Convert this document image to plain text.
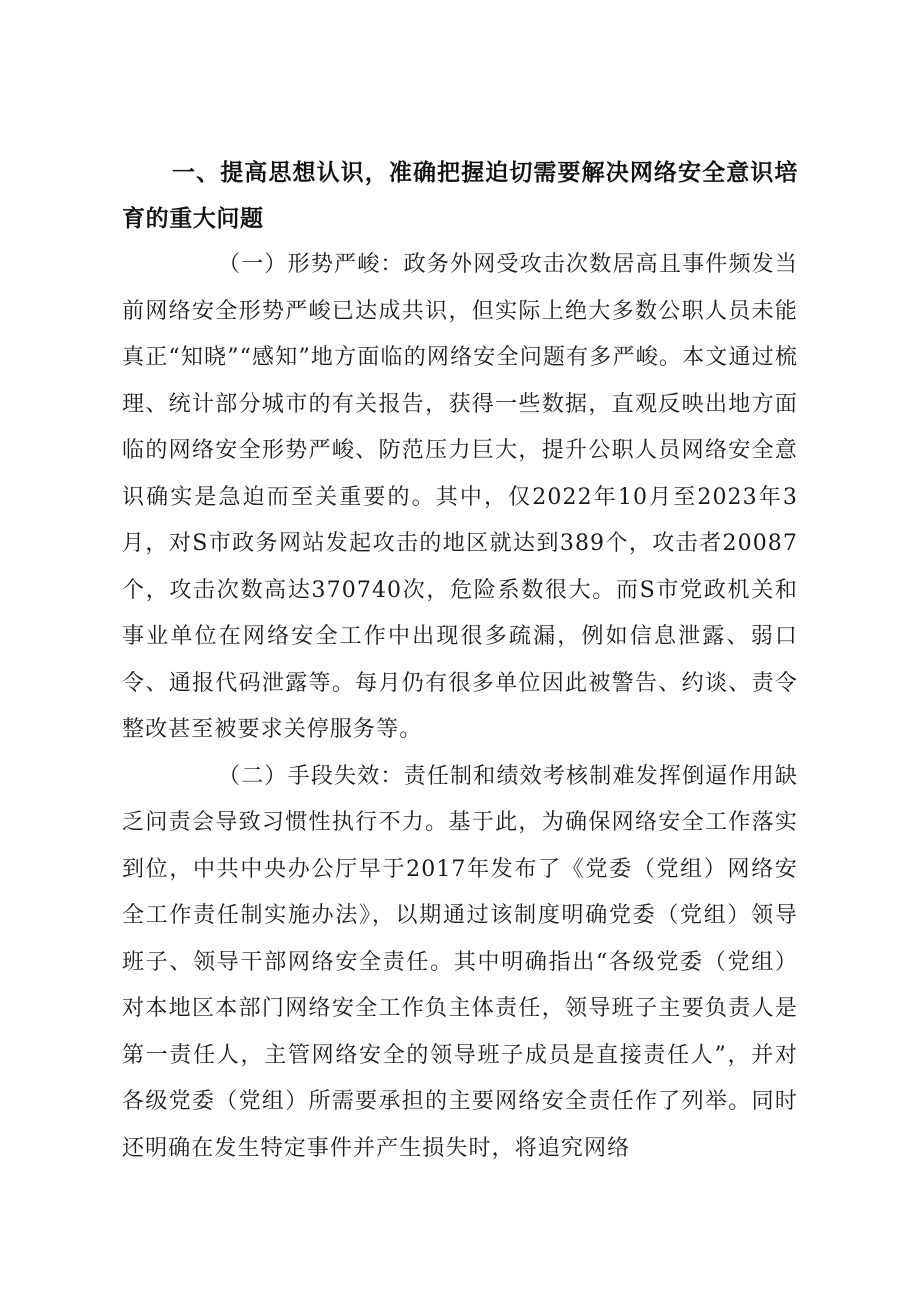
一、提高思想认识，准确把握迫切需要解决网络安全意识培育的重大问题

（一）形势严峻：政务外网受攻击次数居高且事件频发当前网络安全形势严峻已达成共识，但实际上绝大多数公职人员未能真正“知晓”“感知”地方面临的网络安全问题有多严峻。本文通过梳理、统计部分城市的有关报告，获得一些数据，直观反映出地方面临的网络安全形势严峻、防范压力巨大，提升公职人员网络安全意识确实是急迫而至关重要的。其中，仅2022年10月至2023年3月，对S市政务网站发起攻击的地区就达到389个，攻击者20087个，攻击次数高达370740次，危险系数很大。而S市党政机关和事业单位在网络安全工作中出现很多疏漏，例如信息泄露、弱口令、通报代码泄露等。每月仍有很多单位因此被警告、约谈、责令整改甚至被要求关停服务等。

（二）手段失效：责任制和绩效考核制难发挥倒逼作用缺乏问责会导致习惯性执行不力。基于此，为确保网络安全工作落实到位，中共中央办公厅早于2017年发布了《党委（党组）网络安全工作责任制实施办法》，以期通过该制度明确党委（党组）领导班子、领导干部网络安全责任。其中明确指出“各级党委（党组）对本地区本部门网络安全工作负主体责任，领导班子主要负责人是第一责任人，主管网络安全的领导班子成员是直接责任人”，并对各级党委（党组）所需要承担的主要网络安全责任作了列举。同时还明确在发生特定事件并产生损失时，将追究网络
